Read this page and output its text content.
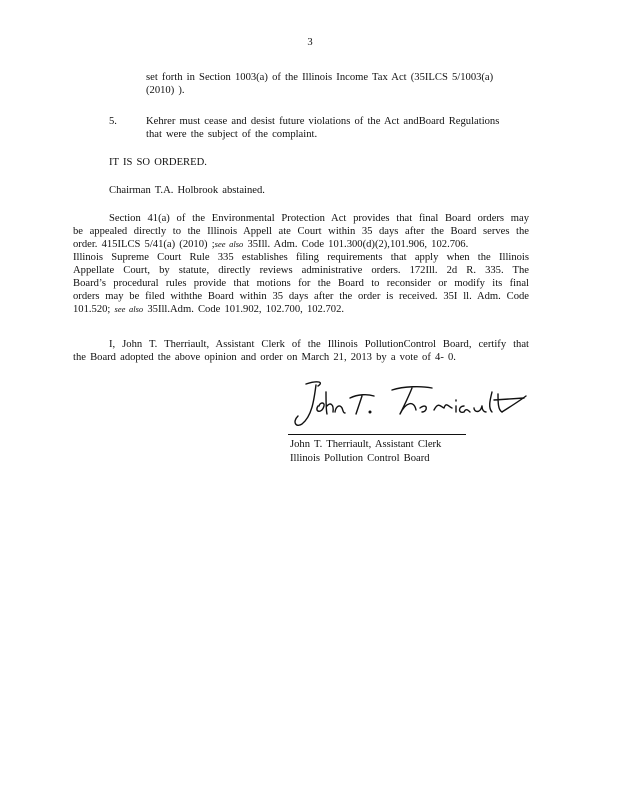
3
set forth in Section 1003(a) of the Illinois Income Tax Act (35ILCS 5/1003(a)
(2010) ).
5.	Kehrer must cease and desist future violations of the Act andBoard Regulations
that were the subject of the complaint.
IT IS SO ORDERED.
Chairman T.A. Holbrook abstained.
Section 41(a) of the Environmental Protection Act provides that final Board orders may
be appealed directly to the Illinois Appell ate Court within 35 days after the Board serves the
order. 415ILCS 5/41(a) (2010) ;see also 35Ill. Adm. Code 101.300(d)(2),101.906, 102.706.
Illinois Supreme Court Rule 335 establishes filing requirements that apply when the Illinois
Appellate Court, by statute, directly reviews administrative orders. 172Ill. 2d R. 335. The
Board’s procedural rules provide that motions for the Board to reconsider or modify its final
orders may be filed withthe Board within 35 days after the order is received. 35I ll. Adm. Code
101.520; see also 35Ill.Adm. Code 101.902, 102.700, 102.702.
I, John T. Therriault, Assistant Clerk of the Illinois PollutionControl Board, certify that
the Board adopted the above opinion and order on March 21, 2013 by a vote of 4- 0.
John T. Therriault, Assistant Clerk
Illinois Pollution Control Board
